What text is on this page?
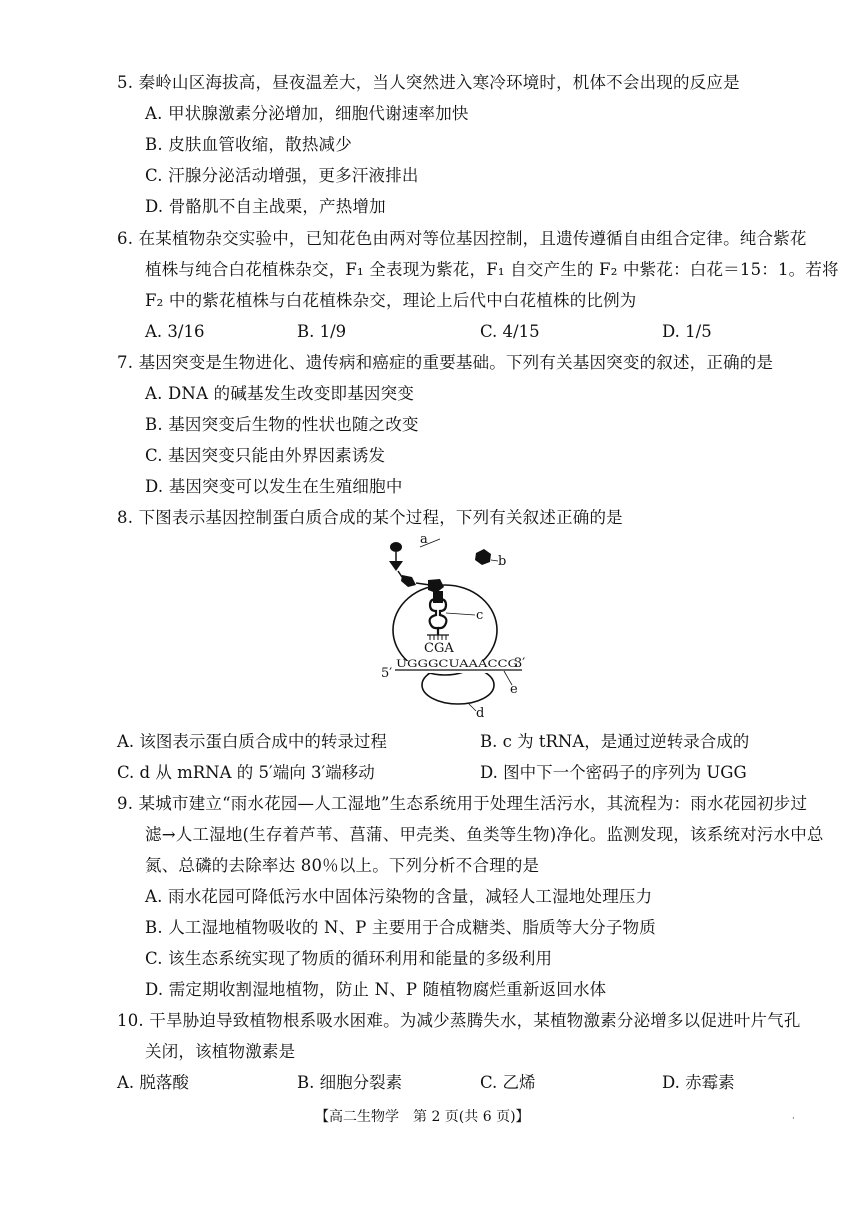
5. 秦岭山区海拔高，昼夜温差大，当人突然进入寒冷环境时，机体不会出现的反应是
A. 甲状腺激素分泌增加，细胞代谢速率加快
B. 皮肤血管收缩，散热减少
C. 汗腺分泌活动增强，更多汗液排出
D. 骨骼肌不自主战栗，产热增加
6. 在某植物杂交实验中，已知花色由两对等位基因控制，且遗传遵循自由组合定律。纯合紫花
植株与纯合白花植株杂交，F₁ 全表现为紫花，F₁ 自交产生的 F₂ 中紫花：白花＝15：1。若将
F₂ 中的紫花植株与白花植株杂交，理论上后代中白花植株的比例为
A. 3/16	B. 1/9	C. 4/15	D. 1/5
7. 基因突变是生物进化、遗传病和癌症的重要基础。下列有关基因突变的叙述，正确的是
A. DNA 的碱基发生改变即基因突变
B. 基因突变后生物的性状也随之改变
C. 基因突变只能由外界因素诱发
D. 基因突变可以发生在生殖细胞中
8. 下图表示基因控制蛋白质合成的某个过程，下列有关叙述正确的是
a
b
c
CGA
UGGGCUAAACCG
5′
3′
e
d
A. 该图表示蛋白质合成中的转录过程	B. c 为 tRNA，是通过逆转录合成的
C. d 从 mRNA 的 5′端向 3′端移动	D. 图中下一个密码子的序列为 UGG
9. 某城市建立“雨水花园—人工湿地”生态系统用于处理生活污水，其流程为：雨水花园初步过
滤→人工湿地(生存着芦苇、菖蒲、甲壳类、鱼类等生物)净化。监测发现，该系统对污水中总
氮、总磷的去除率达 80％以上。下列分析不合理的是
A. 雨水花园可降低污水中固体污染物的含量，减轻人工湿地处理压力
B. 人工湿地植物吸收的 N、P 主要用于合成糖类、脂质等大分子物质
C. 该生态系统实现了物质的循环利用和能量的多级利用
D. 需定期收割湿地植物，防止 N、P 随植物腐烂重新返回水体
10. 干旱胁迫导致植物根系吸水困难。为减少蒸腾失水，某植物激素分泌增多以促进叶片气孔
关闭，该植物激素是
A. 脱落酸	B. 细胞分裂素	C. 乙烯	D. 赤霉素
【高二生物学　第 2 页(共 6 页)】	·
